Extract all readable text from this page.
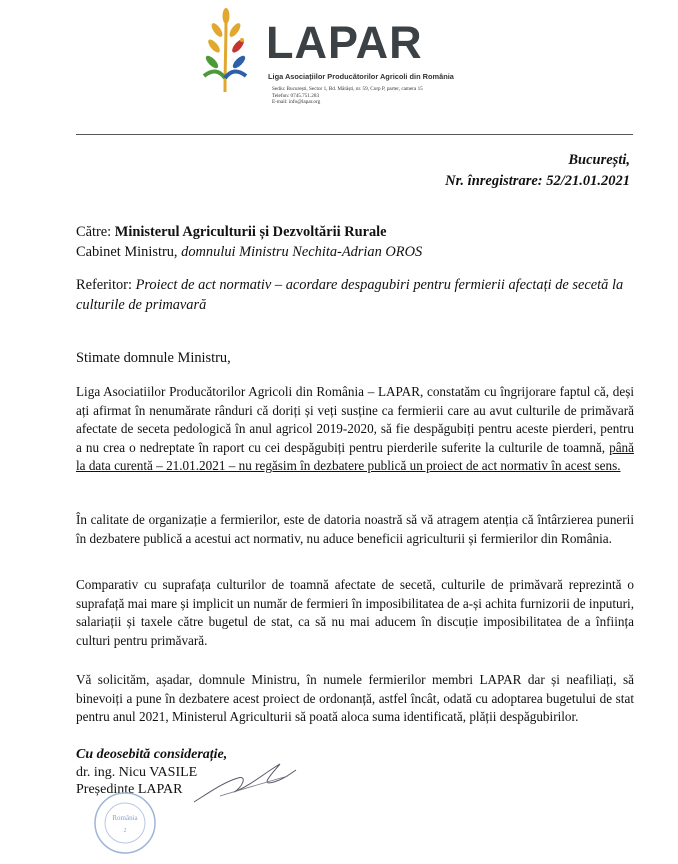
LAPAR
Liga Asociațiilor Producătorilor Agricoli din România
Sediu: București, Sector 1, Bd. Mărăști, nr. 59, Corp P, parter, camera 15
Telefon: 0745.751.283
E-mail: info@lapar.org
București,
Nr. înregistrare: 52/21.01.2021
Către: Ministerul Agriculturii și Dezvoltării Rurale
Cabinet Ministru, domnului Ministru Nechita-Adrian OROS
Referitor: Proiect de act normativ – acordare despagubiri pentru fermierii afectați de secetă la culturile de primavară
Stimate domnule Ministru,

Liga Asociatiilor Producătorilor Agricoli din România – LAPAR, constatăm cu îngrijorare faptul că, deși ați afirmat în nenumărate rânduri că doriți și veți susține ca fermierii care au avut culturile de primăvară afectate de seceta pedologică în anul agricol 2019-2020, să fie despăgubiți pentru aceste pierderi, pentru a nu crea o nedreptate în raport cu cei despăgubiți pentru pierderile suferite la culturile de toamnă, până la data curentă – 21.01.2021 – nu regăsim în dezbatere publică un proiect de act normativ în acest sens.

În calitate de organizație a fermierilor, este de datoria noastră să vă atragem atenția că întârzierea punerii în dezbatere publică a acestui act normativ, nu aduce beneficii agriculturii și fermierilor din România.

Comparativ cu suprafața culturilor de toamnă afectate de secetă, culturile de primăvară reprezintă o suprafață mai mare și implicit un număr de fermieri în imposibilitatea de a-și achita furnizorii de inputuri, salariații și taxele către bugetul de stat, ca să nu mai aducem în discuție imposibilitatea de a înființa culturi pentru primăvară.

Vă solicităm, așadar, domnule Ministru, în numele fermierilor membri LAPAR dar și neafiliați, să binevoiți a pune în dezbatere acest proiect de ordonanță, astfel încât, odată cu adoptarea bugetului de stat pentru anul 2021, Ministerul Agriculturii să poată aloca suma identificată, plății despăgubirilor.

Cu deosebită considerație,
dr. ing. Nicu VASILE
Președinte LAPAR
România
2
